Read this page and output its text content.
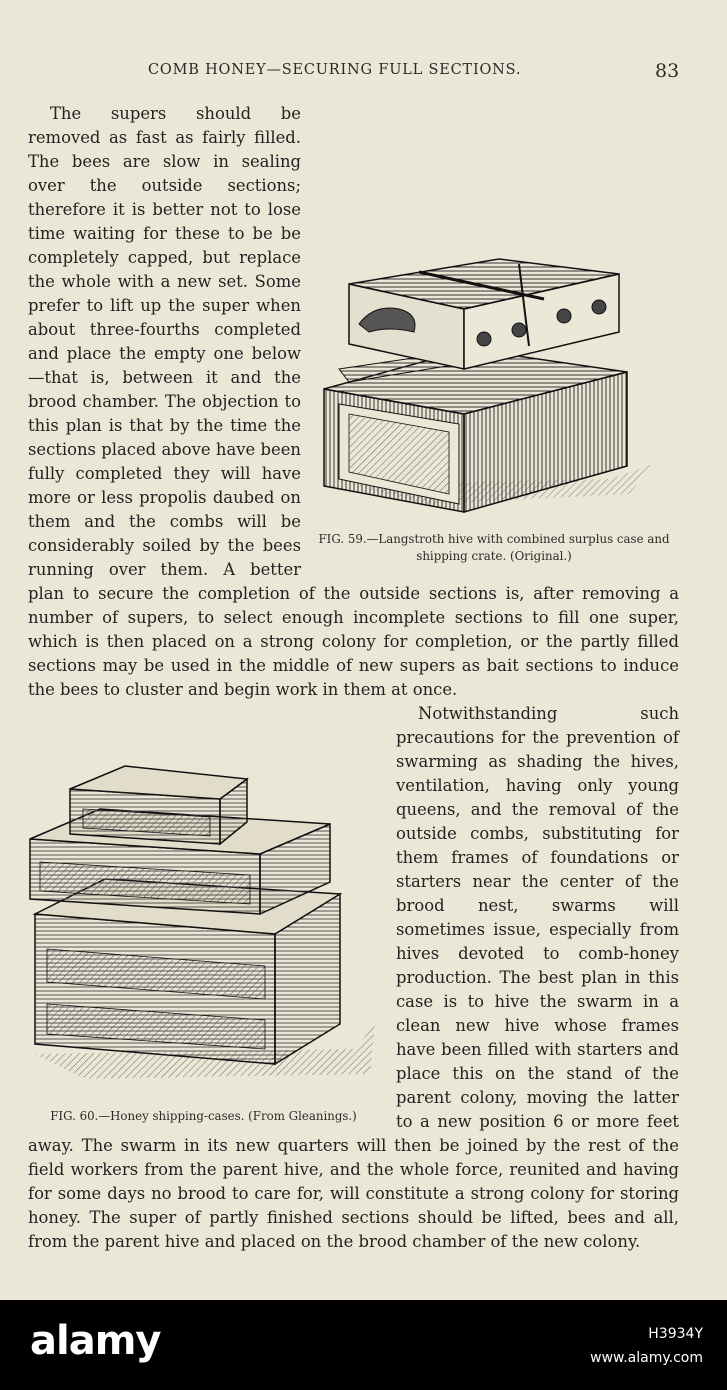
COMB HONEY—SECURING FULL SECTIONS.	83
FIG. 59.—Langstroth hive with combined surplus case and shipping crate. (Original.)

The supers should be removed as fast as fairly filled. The bees are slow in sealing over the outside sections; therefore it is better not to lose time waiting for these to be be completely capped, but replace the whole with a new set. Some prefer to lift up the super when about three-fourths completed and place the empty one below—that is, between it and the brood chamber. The objection to this plan is that by the time the sections placed above have been fully completed they will have more or less propolis daubed on them and the combs will be considerably soiled by the bees running over them. A better plan to secure the completion of the outside sections is, after removing a number of supers, to select enough incomplete sections to fill one super, which is then placed on a strong colony for completion, or the partly filled sections may be used in the middle of new supers as bait sections to induce the bees to cluster and begin work in them at once.

FIG. 60.—Honey shipping-cases. (From Gleanings.)

Notwithstanding such precautions for the prevention of swarming as shading the hives, ventilation, having only young queens, and the removal of the outside combs, substituting for them frames of foundations or starters near the center of the brood nest, swarms will sometimes issue, especially from hives devoted to comb-honey production. The best plan in this case is to hive the swarm in a clean new hive whose frames have been filled with starters and place this on the stand of the parent colony, moving the latter to a new position 6 or more feet away. The swarm in its new quarters will then be joined by the rest of the field workers from the parent hive, and the whole force, reunited and having for some days no brood to care for, will constitute a strong colony for storing honey. The super of partly finished sections should be lifted, bees and all, from the parent hive and placed on the brood chamber of the new colony.

alamy	H3934Y
www.alamy.com
